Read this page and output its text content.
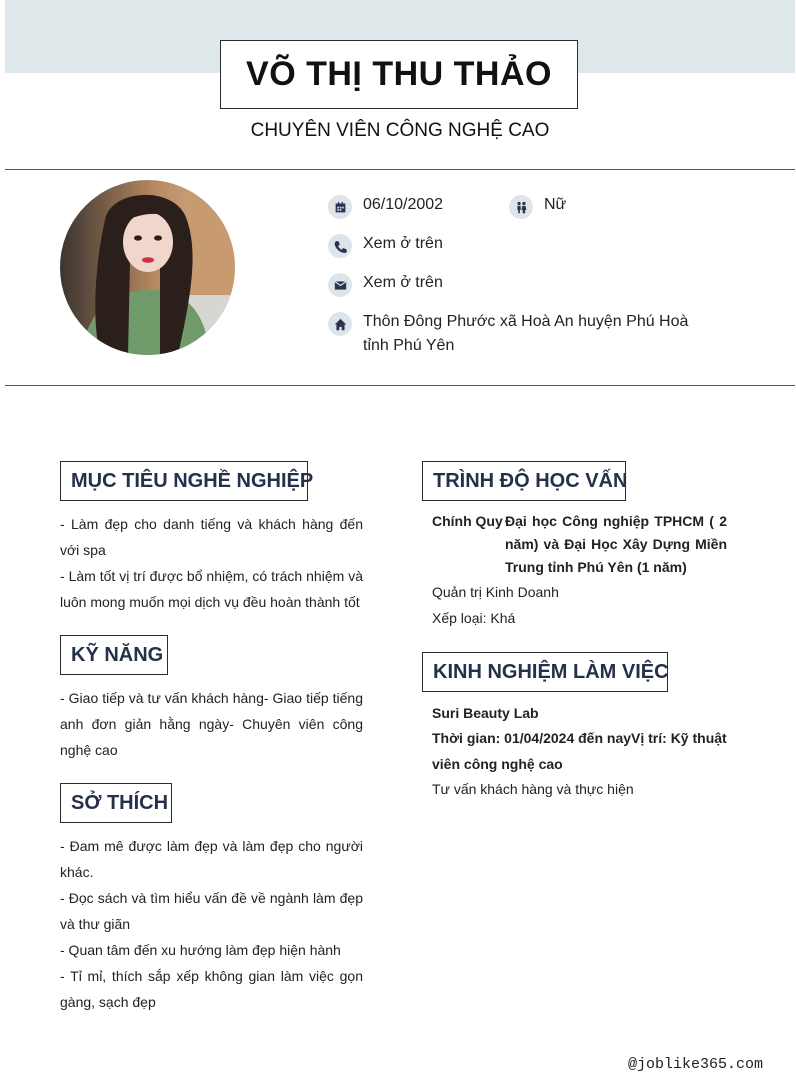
VÕ THỊ THU THẢO
CHUYÊN VIÊN CÔNG NGHỆ CAO
06/10/2002	Nữ
Xem ở trên
Xem ở trên
Thôn Đông Phước xã Hoà An huyện Phú Hoà
tỉnh Phú Yên
MỤC TIÊU NGHỀ NGHIỆP
- Làm đẹp cho danh tiếng và khách hàng đến với spa
- Làm tốt vị trí được bổ nhiệm, có trách nhiệm và luôn mong muốn mọi dịch vụ đều hoàn thành tốt
KỸ NĂNG
- Giao tiếp và tư vấn khách hàng- Giao tiếp tiếng anh đơn giản hằng ngày- Chuyên viên công nghệ cao
SỞ THÍCH
- Đam mê được làm đẹp và làm đẹp cho người khác.
- Đọc sách và tìm hiểu vấn đề về ngành làm đẹp và thư giãn
- Quan tâm đến xu hướng làm đẹp hiện hành
- Tỉ mỉ, thích sắp xếp không gian làm việc gọn gàng, sạch đẹp
TRÌNH ĐỘ HỌC VẤN
Chính Quy Đại học Công nghiệp TPHCM ( 2 năm) và Đại Học Xây Dựng Miền Trung tỉnh Phú Yên (1 năm)
Quản trị Kinh Doanh
Xếp loại: Khá
KINH NGHIỆM LÀM VIỆC
Suri Beauty Lab
Thời gian: 01/04/2024 đến nayVị trí: Kỹ thuật viên công nghệ cao
Tư vấn khách hàng và thực hiện
@joblike365.com
